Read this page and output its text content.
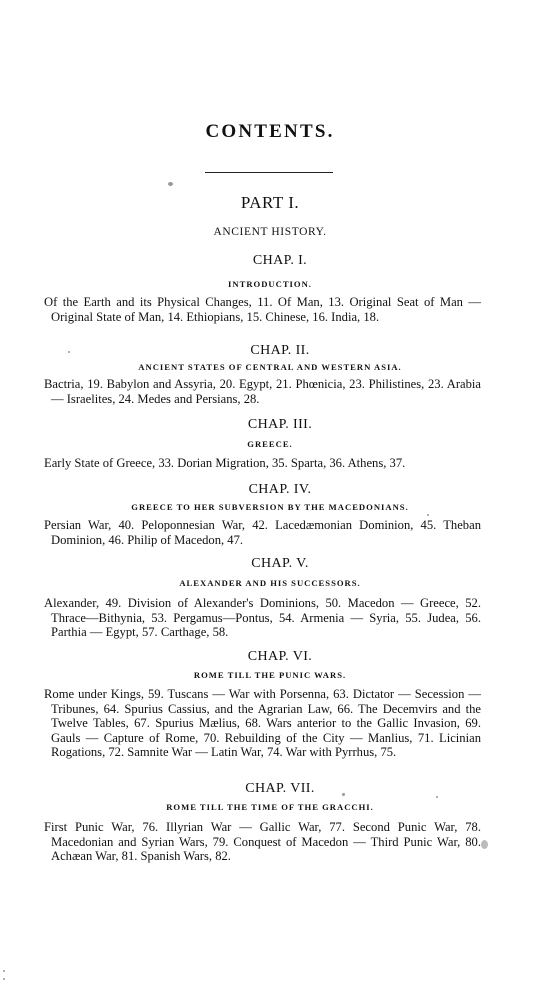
CONTENTS.
PART I.
ANCIENT HISTORY.
CHAP. I.
INTRODUCTION.
Of the Earth and its Physical Changes, 11. Of Man, 13. Original Seat of Man — Original State of Man, 14. Ethiopians, 15. Chinese, 16. India, 18.
CHAP. II.
ANCIENT STATES OF CENTRAL AND WESTERN ASIA.
Bactria, 19. Babylon and Assyria, 20. Egypt, 21. Phœnicia, 23. Philistines, 23. Arabia — Israelites, 24. Medes and Persians, 28.
CHAP. III.
GREECE.
Early State of Greece, 33. Dorian Migration, 35. Sparta, 36. Athens, 37.
CHAP. IV.
GREECE TO HER SUBVERSION BY THE MACEDONIANS.
Persian War, 40. Peloponnesian War, 42. Lacedæmonian Dominion, 45. Theban Dominion, 46. Philip of Macedon, 47.
CHAP. V.
ALEXANDER AND HIS SUCCESSORS.
Alexander, 49. Division of Alexander's Dominions, 50. Macedon — Greece, 52. Thrace—Bithynia, 53. Pergamus—Pontus, 54. Armenia — Syria, 55. Judea, 56. Parthia — Egypt, 57. Carthage, 58.
CHAP. VI.
ROME TILL THE PUNIC WARS.
Rome under Kings, 59. Tuscans — War with Porsenna, 63. Dictator — Secession — Tribunes, 64. Spurius Cassius, and the Agrarian Law, 66. The Decemvirs and the Twelve Tables, 67. Spurius Mælius, 68. Wars anterior to the Gallic Invasion, 69. Gauls — Capture of Rome, 70. Rebuilding of the City — Manlius, 71. Licinian Rogations, 72. Samnite War — Latin War, 74. War with Pyrrhus, 75.
CHAP. VII.
ROME TILL THE TIME OF THE GRACCHI.
First Punic War, 76. Illyrian War — Gallic War, 77. Second Punic War, 78. Macedonian and Syrian Wars, 79. Conquest of Macedon — Third Punic War, 80. Achæan War, 81. Spanish Wars, 82.
